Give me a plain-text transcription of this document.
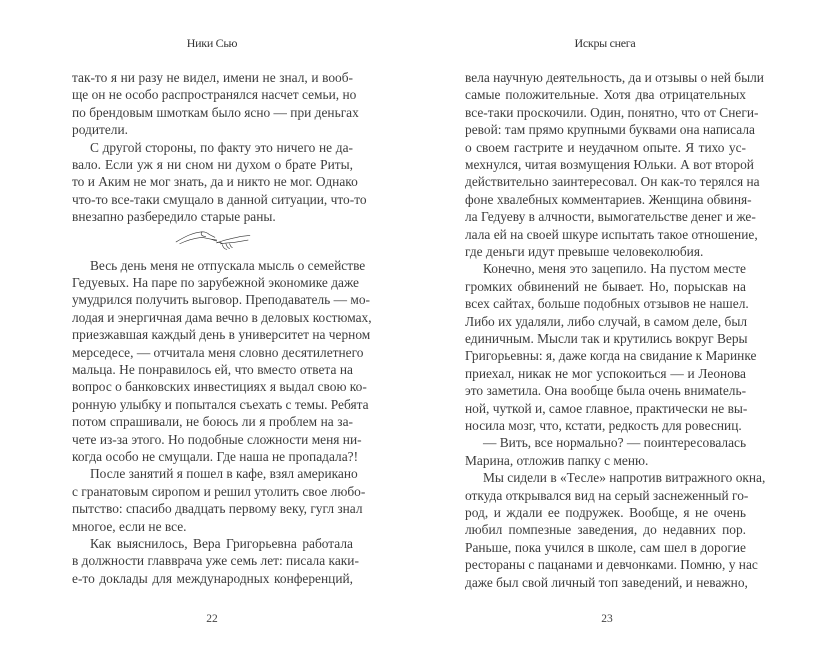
Ники Сью
так-то я ни разу не видел, имени не знал, и вооб-
ще он не особо распространялся насчет семьи, но
по брендовым шмоткам было ясно — при деньгах
родители.
С другой стороны, по факту это ничего не да-
вало. Если уж я ни сном ни духом о брате Риты,
то и Аким не мог знать, да и никто не мог. Однако
что-то все-таки смущало в данной ситуации, что-то
внезапно разбередило старые раны.
Весь день меня не отпускала мысль о семействе
Гедуевых. На паре по зарубежной экономике даже
умудрился получить выговор. Преподаватель — мо-
лодая и энергичная дама вечно в деловых костюмах,
приезжавшая каждый день в университет на черном
мерседесе, — отчитала меня словно десятилетнего
мальца. Не понравилось ей, что вместо ответа на
вопрос о банковских инвестициях я выдал свою ко-
ронную улыбку и попытался съехать с темы. Ребята
потом спрашивали, не боюсь ли я проблем на за-
чете из-за этого. Но подобные сложности меня ни-
когда особо не смущали. Где наша не пропадала?!
После занятий я пошел в кафе, взял американо
с гранатовым сиропом и решил утолить свое любо-
пытство: спасибо двадцать первому веку, гугл знал
многое, если не все.
Как выяснилось, Вера Григорьевна работала
в должности главврача уже семь лет: писала каки-
е-то доклады для международных конференций,
22
Искры снега
вела научную деятельность, да и отзывы о ней были
самые положительные. Хотя два отрицательных
все-таки проскочили. Один, понятно, что от Снеги-
ревой: там прямо крупными буквами она написала
о своем гастрите и неудачном опыте. Я тихо ус-
мехнулся, читая возмущения Юльки. А вот второй
действительно заинтересовал. Он как-то терялся на
фоне хвалебных комментариев. Женщина обвиня-
ла Гедуеву в алчности, вымогательстве денег и же-
лала ей на своей шкуре испытать такое отношение,
где деньги идут превыше человеколюбия.
Конечно, меня это зацепило. На пустом месте
громких обвинений не бывает. Но, порыскав на
всех сайтах, больше подобных отзывов не нашел.
Либо их удаляли, либо случай, в самом деле, был
единичным. Мысли так и крутились вокруг Веры
Григорьевны: я, даже когда на свидание к Маринке
приехал, никак не мог успокоиться — и Леонова
это заметила. Она вообще была очень внимatель-
ной, чуткой и, самое главное, практически не вы-
носила мозг, что, кстати, редкость для ровесниц.
— Вить, все нормально? — поинтересовалась
Марина, отложив папку с меню.
Мы сидели в «Тесле» напротив витражного окна,
откуда открывался вид на серый заснеженный го-
род, и ждали ее подружек. Вообще, я не очень
любил помпезные заведения, до недавних пор.
Раньше, пока учился в школе, сам шел в дорогие
рестораны с пацанами и девчонками. Помню, у нас
даже был свой личный топ заведений, и неважно,
23
